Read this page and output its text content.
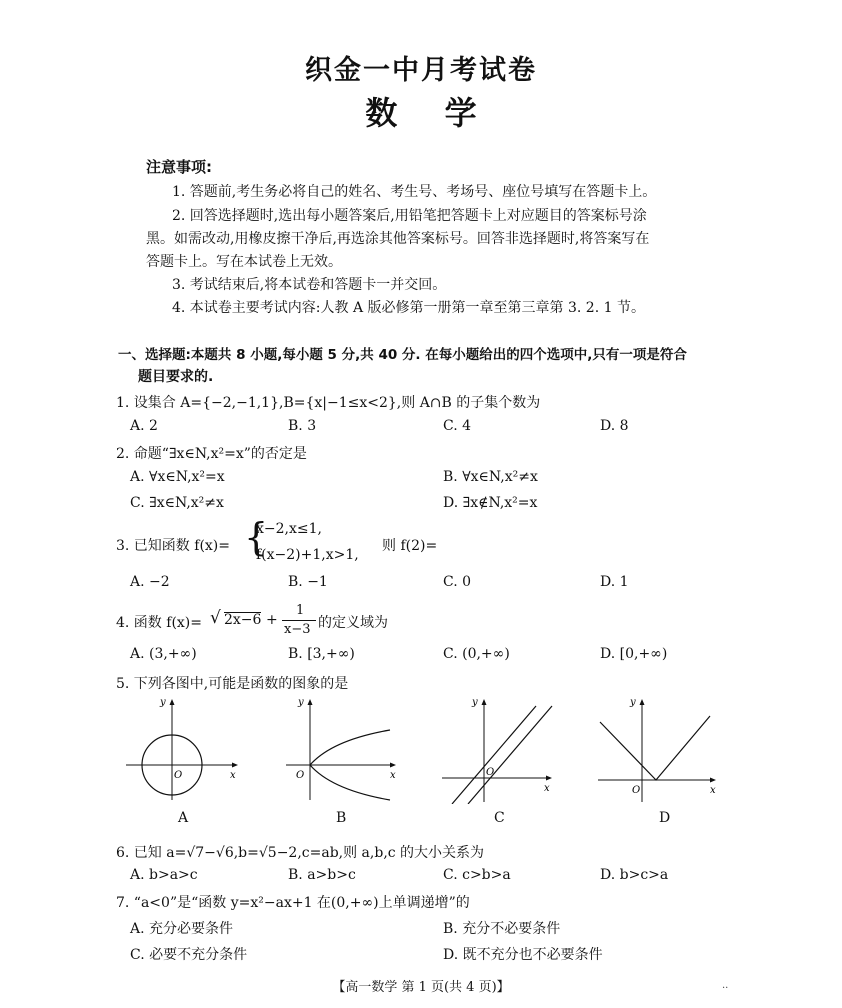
织金一中月考试卷
数 学
注意事项:
1. 答题前,考生务必将自己的姓名、考生号、考场号、座位号填写在答题卡上。
2. 回答选择题时,选出每小题答案后,用铅笔把答题卡上对应题目的答案标号涂
黑。如需改动,用橡皮擦干净后,再选涂其他答案标号。回答非选择题时,将答案写在
答题卡上。写在本试卷上无效。
3. 考试结束后,将本试卷和答题卡一并交回。
4. 本试卷主要考试内容:人教 A 版必修第一册第一章至第三章第 3. 2. 1 节。
一、选择题:本题共 8 小题,每小题 5 分,共 40 分. 在每小题给出的四个选项中,只有一项是符合
题目要求的.
1. 设集合 A={−2,−1,1},B={x|−1≤x<2},则 A∩B 的子集个数为
A. 2	B. 3	C. 4	D. 8
2. 命题“∃x∈N,x²=x”的否定是
A. ∀x∈N,x²=x	B. ∀x∈N,x²≠x
C. ∃x∈N,x²≠x	D. ∃x∉N,x²=x
3. 已知函数 f(x)= {
x−2,x≤1,
f(x−2)+1,x>1,
则 f(2)=
A. −2	B. −1	C. 0	D. 1
4. 函数 f(x)= √ 2x−6 +
1
x−3 的定义域为
A. (3,+∞)	B. [3,+∞)	C. (0,+∞)	D. [0,+∞)
5. 下列各图中,可能是函数的图象的是
x
y
O
A
x
y
O
B
x
y
O
C
x
y
O
D
6. 已知 a=√7−√6,b=√5−2,c=ab,则 a,b,c 的大小关系为
A. b>a>c	B. a>b>c	C. c>b>a	D. b>c>a
7. “a<0”是“函数 y=x²−ax+1 在(0,+∞)上单调递增”的
A. 充分必要条件	B. 充分不必要条件
C. 必要不充分条件	D. 既不充分也不必要条件
【高一数学 第 1 页(共 4 页)】	..
